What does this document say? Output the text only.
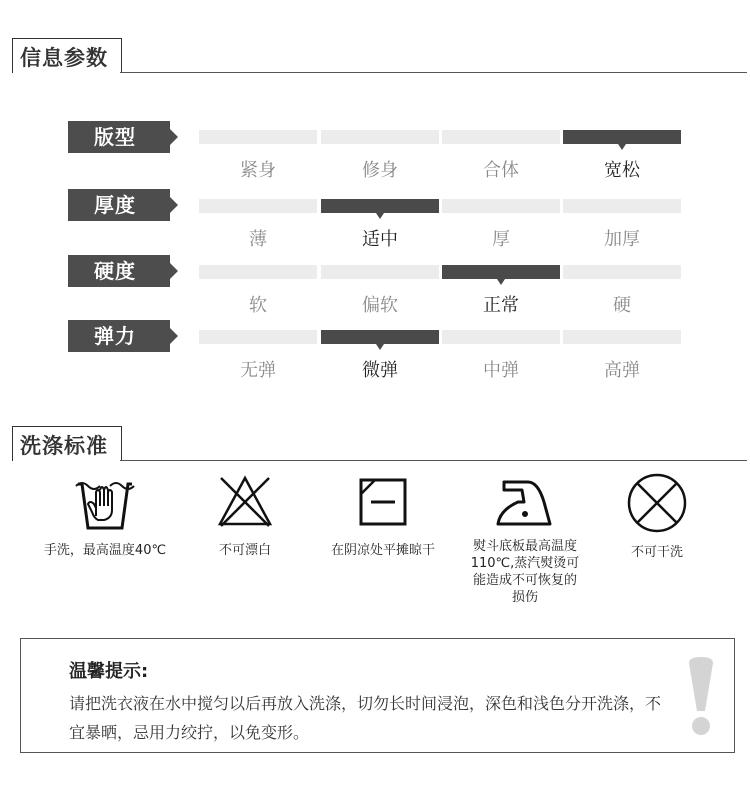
信息参数
版型
紧身	修身	合体	宽松
厚度
薄	适中	厚	加厚
硬度
软	偏软	正常	硬
弹力
无弹	微弹	中弹	高弹
洗涤标准
手洗，最高温度40℃	不可漂白	在阴凉处平摊晾干	熨斗底板最高温度110℃,蒸汽熨烫可能造成不可恢复的损伤
不可干洗
温馨提示:
请把洗衣液在水中搅匀以后再放入洗涤，切勿长时间浸泡，深色和浅色分开洗涤，不宜暴晒，忌用力绞拧，以免变形。
